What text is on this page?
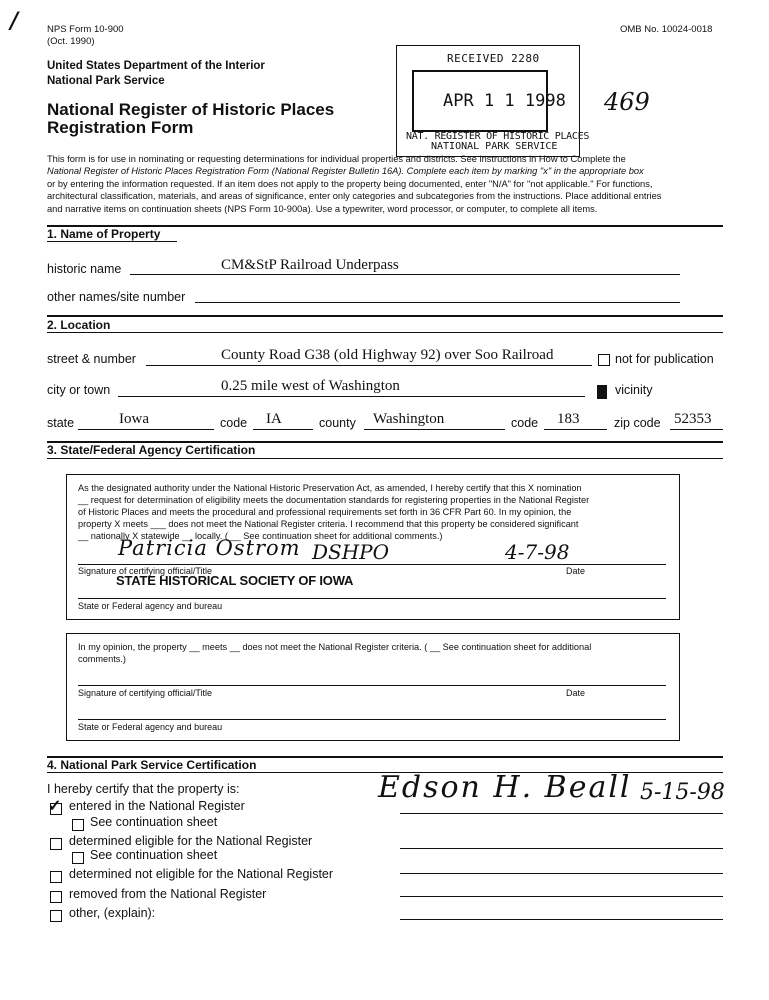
/	NPS Form 10-900
(Oct. 1990)
OMB No. 10024-0018
United States Department of the Interior
National Park Service
National Register of Historic Places
Registration Form
RECEIVED 2280
APR 1 1 1998
NAT. REGISTER OF HISTORIC PLACES
NATIONAL PARK SERVICE
469
This form is for use in nominating or requesting determinations for individual properties and districts. See instructions in How to Complete the
National Register of Historic Places Registration Form (National Register Bulletin 16A). Complete each item by marking "x" in the appropriate box
or by entering the information requested. If an item does not apply to the property being documented, enter "N/A" for "not applicable." For functions,
architectural classification, materials, and areas of significance, enter only categories and subcategories from the instructions. Place additional entries
and narrative items on continuation sheets (NPS Form 10-900a). Use a typewriter, word processor, or computer, to complete all items.
1. Name of Property
historic name	CM&StP Railroad Underpass
other names/site number
2. Location
street & number	County Road G38 (old Highway 92) over Soo Railroad	not for publication
city or town	0.25 mile west of Washington	vicinity
state	Iowa	code IA	county Washington	code 183	zip code 52353
3. State/Federal Agency Certification
As the designated authority under the National Historic Preservation Act, as amended, I hereby certify that this X nomination
__ request for determination of eligibility meets the documentation standards for registering properties in the National Register
of Historic Places and meets the procedural and professional requirements set forth in 36 CFR Part 60. In my opinion, the
property X meets ___ does not meet the National Register criteria. I recommend that this property be considered significant
__ nationally X statewide __ locally. ( __ See continuation sheet for additional comments.)
Patricia Ostrom DSHPO	4-7-98
Signature of certifying official/Title	Date
STATE HISTORICAL SOCIETY OF IOWA
State or Federal agency and bureau
In my opinion, the property __ meets __ does not meet the National Register criteria. ( __ See continuation sheet for additional
comments.)
Signature of certifying official/Title	Date
State or Federal agency and bureau
4. National Park Service Certification
I hereby certify that the property is:	Edson H. Beall 5-15-98
✓ entered in the National Register
See continuation sheet
determined eligible for the National Register
See continuation sheet
determined not eligible for the National Register
removed from the National Register
other, (explain):
